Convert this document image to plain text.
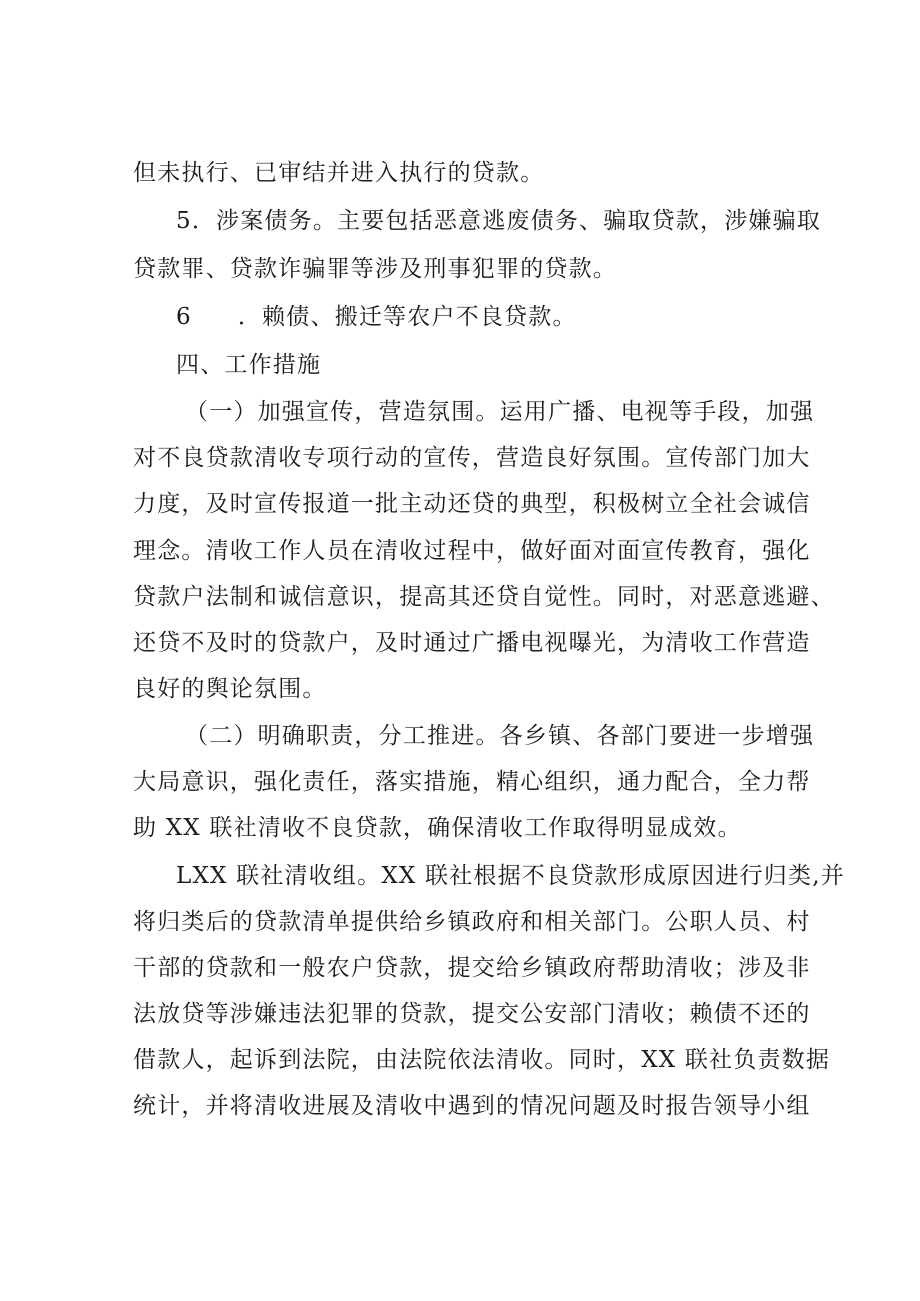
但未执行、已审结并进入执行的贷款。
5．涉案债务。主要包括恶意逃废债务、骗取贷款，涉嫌骗取
贷款罪、贷款诈骗罪等涉及刑事犯罪的贷款。
6 ．赖债、搬迁等农户不良贷款。
四、工作措施
（一）加强宣传，营造氛围。运用广播、电视等手段，加强
对不良贷款清收专项行动的宣传，营造良好氛围。宣传部门加大
力度，及时宣传报道一批主动还贷的典型，积极树立全社会诚信
理念。清收工作人员在清收过程中，做好面对面宣传教育，强化
贷款户法制和诚信意识，提高其还贷自觉性。同时，对恶意逃避、
还贷不及时的贷款户，及时通过广播电视曝光，为清收工作营造
良好的舆论氛围。
（二）明确职责，分工推进。各乡镇、各部门要进一步增强
大局意识，强化责任，落实措施，精心组织，通力配合，全力帮
助 XX 联社清收不良贷款，确保清收工作取得明显成效。
LXX 联社清收组。XX 联社根据不良贷款形成原因进行归类,并
将归类后的贷款清单提供给乡镇政府和相关部门。公职人员、村
干部的贷款和一般农户贷款，提交给乡镇政府帮助清收；涉及非
法放贷等涉嫌违法犯罪的贷款，提交公安部门清收；赖债不还的
借款人，起诉到法院，由法院依法清收。同时，XX 联社负责数据
统计，并将清收进展及清收中遇到的情况问题及时报告领导小组
